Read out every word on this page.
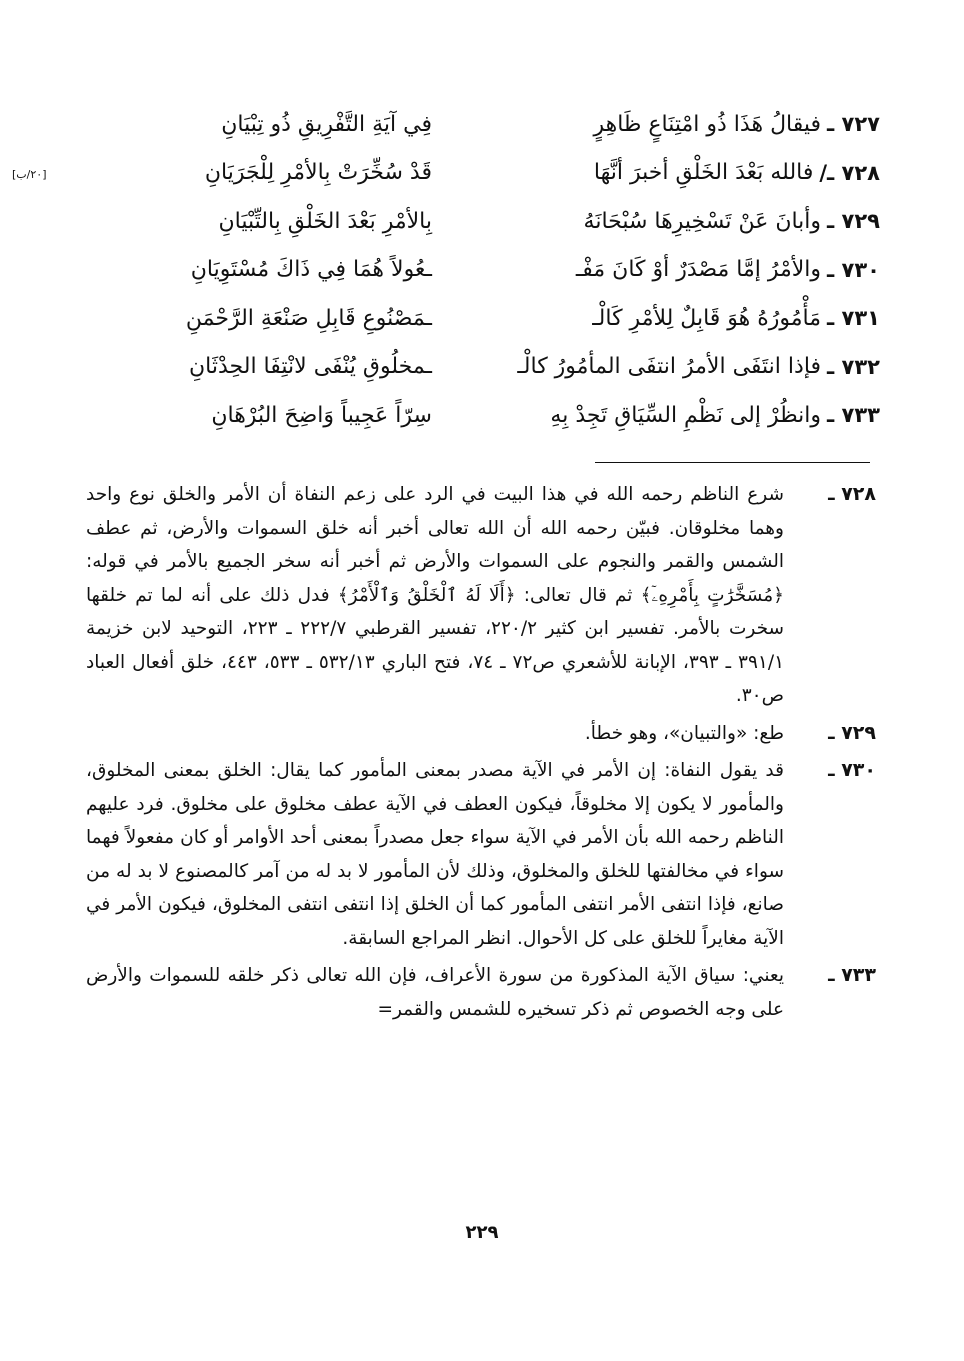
٧٢٧ ـ
فيقالُ هَذَا ذُو امْتِنَاعٍ ظَاهِرٍ
فِي آيَةِ التَّفْرِيقِ ذُو تِبْيَانِ
٧٢٨ ـ/
فالله بَعْدَ الخَلْقِ أخبرَ أنَّهَا
قَدْ سُخِّرَتْ بِالأمْرِ لِلْجَرَيَانِ
[٢٠/ب]
٧٢٩ ـ
وأبانَ عَنْ تَسْخِيرِهَا سُبْحَانَهُ
بِالأمْرِ بَعْدَ الخَلْقِ بِالتِّبْيَانِ
٧٣٠ ـ
والأمْرُ إمَّا مَصْدَرٌ أوْ كَانَ مَفْـ
ـعُولاً هُمَا فِي ذَاكَ مُسْتَوِيَانِ
٧٣١ ـ
مَأْمُورُهُ هُوَ قَابِلٌ لِلأمْرِ كَالْـ
ـمَصْنُوعِ قَابِلِ صَنْعَةِ الرَّحْمَنِ
٧٣٢ ـ
فإذا انتَفَى الأمرُ انتفَى المأمُورُ كالْـ
ـمخلُوقِ يُنْفَى لانْتِفَا الحِدْثَانِ
٧٣٣ ـ
وانظُرْ إلى نَظْمِ السِّيَاقِ تَجِدْ بِهِ
سِرّاً عَجِيباً وَاضِحَ البُرْهَانِ
٧٢٨ ـ
شرع الناظم رحمه الله في هذا البيت في الرد على زعم النفاة أن الأمر والخلق نوع واحد وهما مخلوقان. فبيّن رحمه الله أن الله تعالى أخبر أنه خلق السموات والأرض، ثم عطف الشمس والقمر والنجوم على السموات والأرض ثم أخبر أنه سخر الجميع بالأمر في قوله: ﴿مُسَخَّرَٰتٍ بِأَمْرِهِۦٓ﴾ ثم قال تعالى: ﴿أَلَا لَهُ ٱلْخَلْقُ وَٱلْأَمْرُ﴾ فدل ذلك على أنه لما تم خلقها سخرت بالأمر. تفسير ابن كثير ٢٢٠/٢، تفسير القرطبي ٢٢٢/٧ ـ ٢٢٣، التوحيد لابن خزيمة ٣٩١/١ ـ ٣٩٣، الإبانة للأشعري ص٧٢ ـ ٧٤، فتح الباري ٥٣٢/١٣ ـ ٥٣٣، ٤٤٣، خلق أفعال العباد ص٣٠.
٧٢٩ ـ
طع: «والتبيان»، وهو خطأ.
٧٣٠ ـ
قد يقول النفاة: إن الأمر في الآية مصدر بمعنى المأمور كما يقال: الخلق بمعنى المخلوق، والمأمور لا يكون إلا مخلوقاً، فيكون العطف في الآية عطف مخلوق على مخلوق. فرد عليهم الناظم رحمه الله بأن الأمر في الآية سواء جعل مصدراً بمعنى أحد الأوامر أو كان مفعولاً فهما سواء في مخالفتها للخلق والمخلوق، وذلك لأن المأمور لا بد له من آمر كالمصنوع لا بد له من صانع، فإذا انتفى الأمر انتفى المأمور كما أن الخلق إذا انتفى انتفى المخلوق، فيكون الأمر في الآية مغايراً للخلق على كل الأحوال. انظر المراجع السابقة.
٧٣٣ ـ
يعني: سياق الآية المذكورة من سورة الأعراف، فإن الله تعالى ذكر خلقه للسموات والأرض على وجه الخصوص ثم ذكر تسخيره للشمس والقمر=
٢٢٩
